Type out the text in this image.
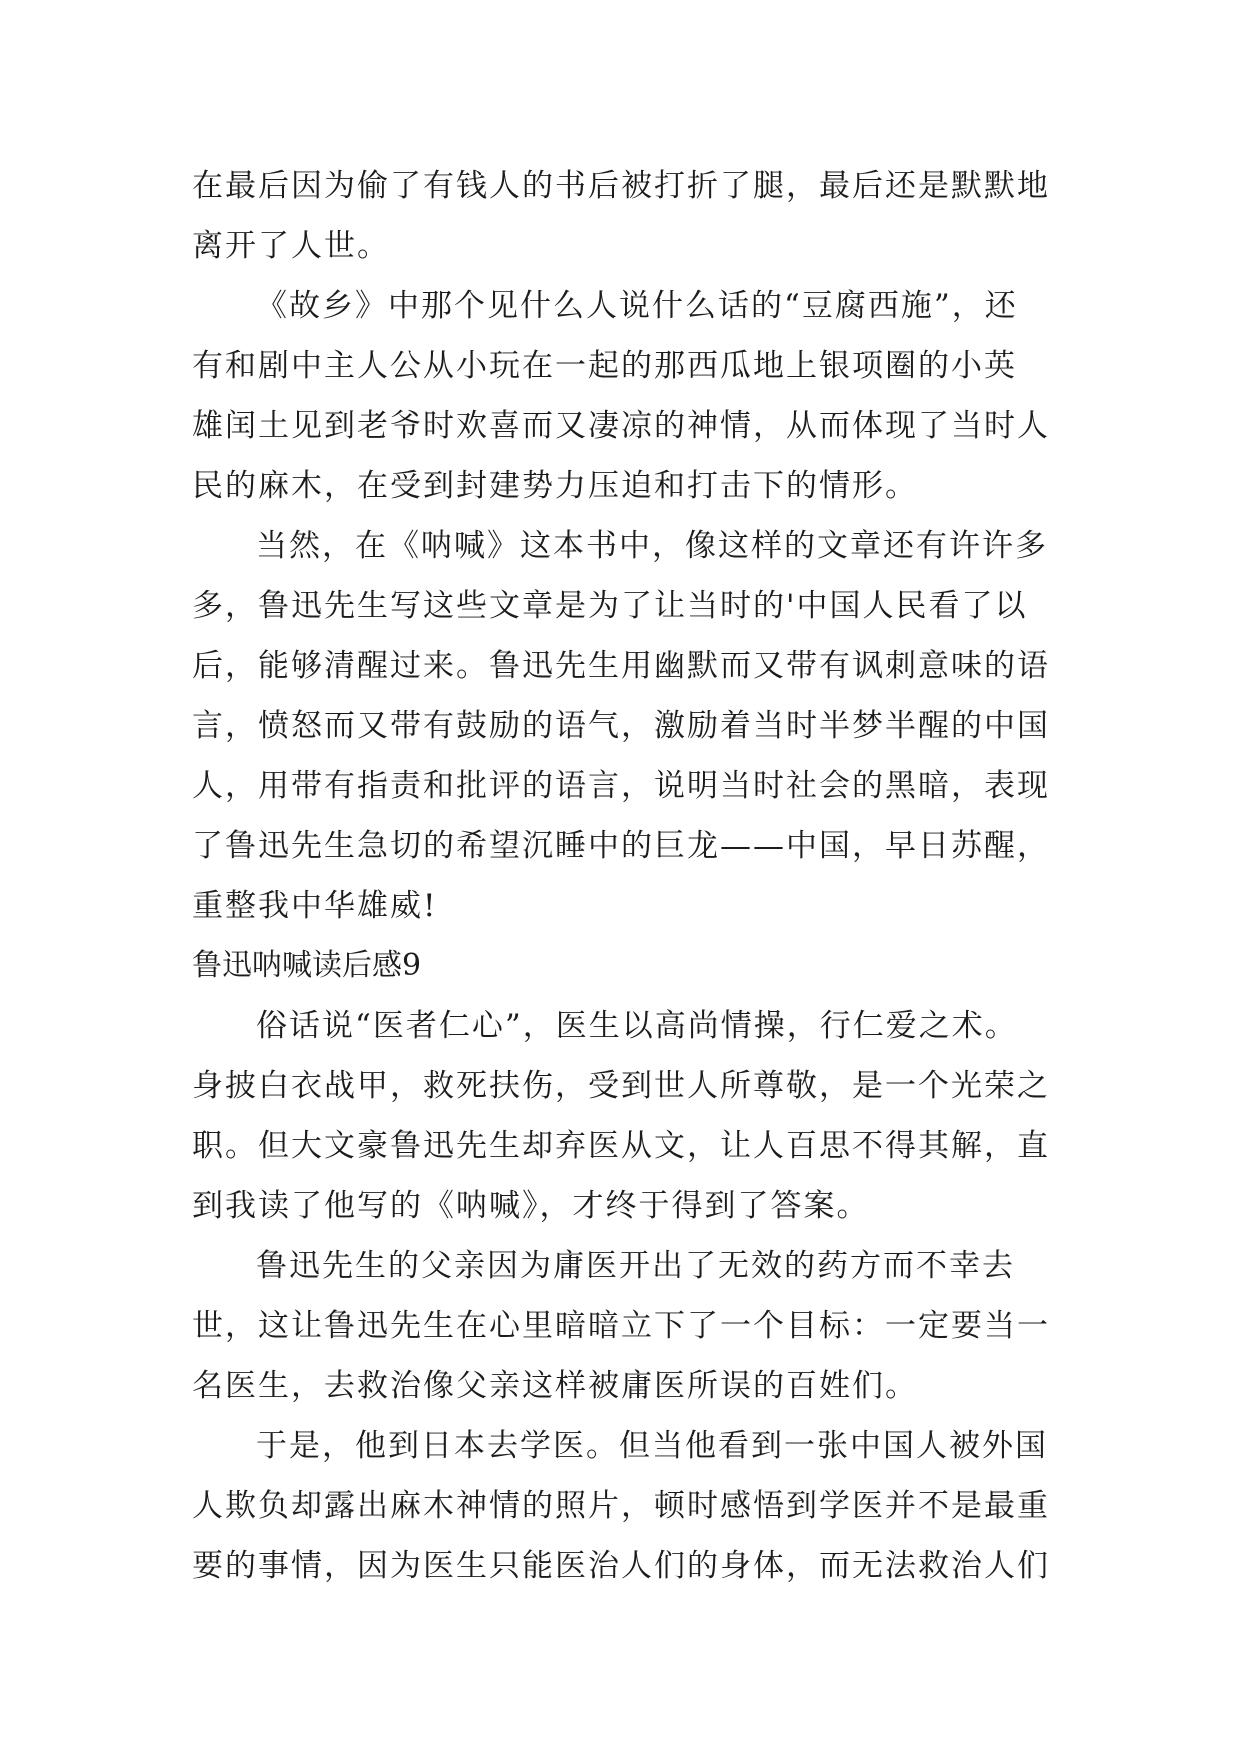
在最后因为偷了有钱人的书后被打折了腿，最后还是默默地
离开了人世。
《故乡》中那个见什么人说什么话的“豆腐西施”，还
有和剧中主人公从小玩在一起的那西瓜地上银项圈的小英
雄闰土见到老爷时欢喜而又凄凉的神情，从而体现了当时人
民的麻木，在受到封建势力压迫和打击下的情形。
当然，在《呐喊》这本书中，像这样的文章还有许许多
多，鲁迅先生写这些文章是为了让当时的'中国人民看了以
后，能够清醒过来。鲁迅先生用幽默而又带有讽刺意味的语
言，愤怒而又带有鼓励的语气，激励着当时半梦半醒的中国
人，用带有指责和批评的语言，说明当时社会的黑暗，表现
了鲁迅先生急切的希望沉睡中的巨龙——中国，早日苏醒，
重整我中华雄威!
鲁迅呐喊读后感9
俗话说“医者仁心”，医生以高尚情操，行仁爱之术。
身披白衣战甲，救死扶伤，受到世人所尊敬，是一个光荣之
职。但大文豪鲁迅先生却弃医从文，让人百思不得其解，直
到我读了他写的《呐喊》，才终于得到了答案。
鲁迅先生的父亲因为庸医开出了无效的药方而不幸去
世，这让鲁迅先生在心里暗暗立下了一个目标：一定要当一
名医生，去救治像父亲这样被庸医所误的百姓们。
于是，他到日本去学医。但当他看到一张中国人被外国
人欺负却露出麻木神情的照片，顿时感悟到学医并不是最重
要的事情，因为医生只能医治人们的身体，而无法救治人们
